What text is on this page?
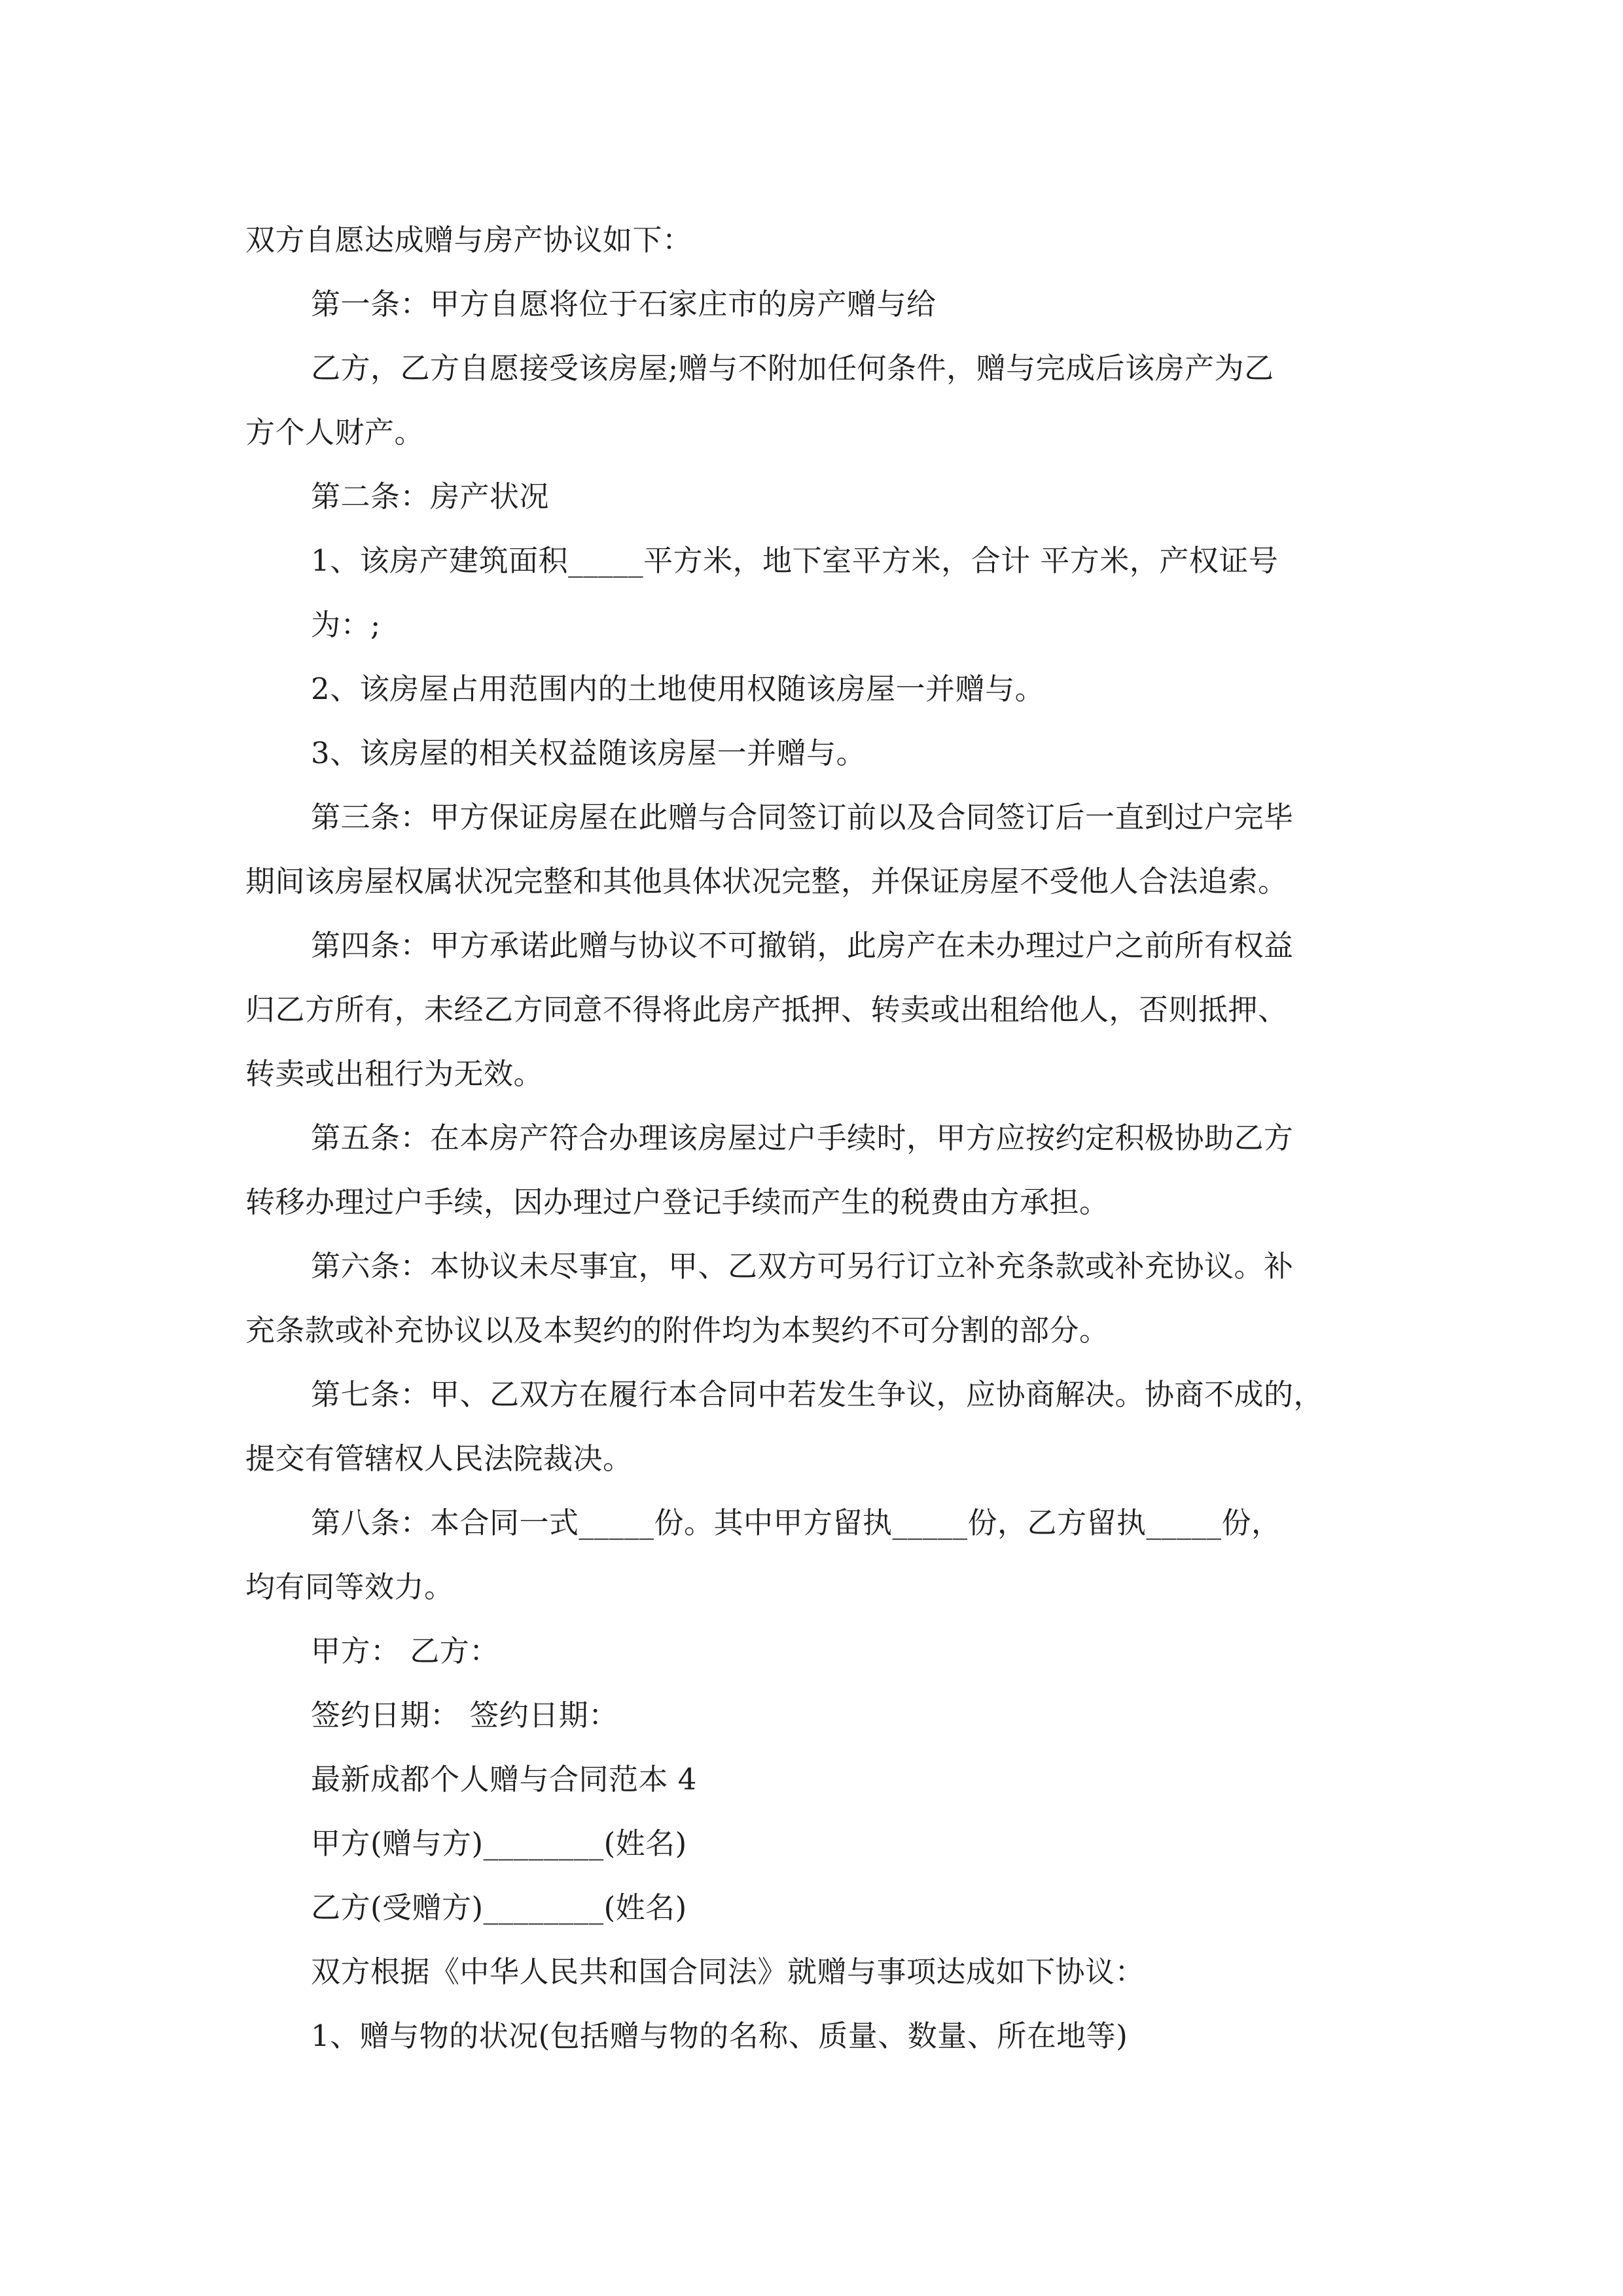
双方自愿达成赠与房产协议如下：
第一条：甲方自愿将位于石家庄市的房产赠与给
乙方，乙方自愿接受该房屋;赠与不附加任何条件，赠与完成后该房产为乙
方个人财产。
第二条：房产状况
1、该房产建筑面积_____平方米，地下室平方米，合计 平方米，产权证号
为：;
2、该房屋占用范围内的土地使用权随该房屋一并赠与。
3、该房屋的相关权益随该房屋一并赠与。
第三条：甲方保证房屋在此赠与合同签订前以及合同签订后一直到过户完毕
期间该房屋权属状况完整和其他具体状况完整，并保证房屋不受他人合法追索。
第四条：甲方承诺此赠与协议不可撤销，此房产在未办理过户之前所有权益
归乙方所有，未经乙方同意不得将此房产抵押、转卖或出租给他人，否则抵押、
转卖或出租行为无效。
第五条：在本房产符合办理该房屋过户手续时，甲方应按约定积极协助乙方
转移办理过户手续，因办理过户登记手续而产生的税费由方承担。
第六条：本协议未尽事宜，甲、乙双方可另行订立补充条款或补充协议。补
充条款或补充协议以及本契约的附件均为本契约不可分割的部分。
第七条：甲、乙双方在履行本合同中若发生争议，应协商解决。协商不成的，
提交有管辖权人民法院裁决。
第八条：本合同一式_____份。其中甲方留执_____份，乙方留执_____份，
均有同等效力。
甲方： 乙方：
签约日期： 签约日期：
最新成都个人赠与合同范本 4
甲方(赠与方)________(姓名)
乙方(受赠方)________(姓名)
双方根据《中华人民共和国合同法》就赠与事项达成如下协议：
1、赠与物的状况(包括赠与物的名称、质量、数量、所在地等)
